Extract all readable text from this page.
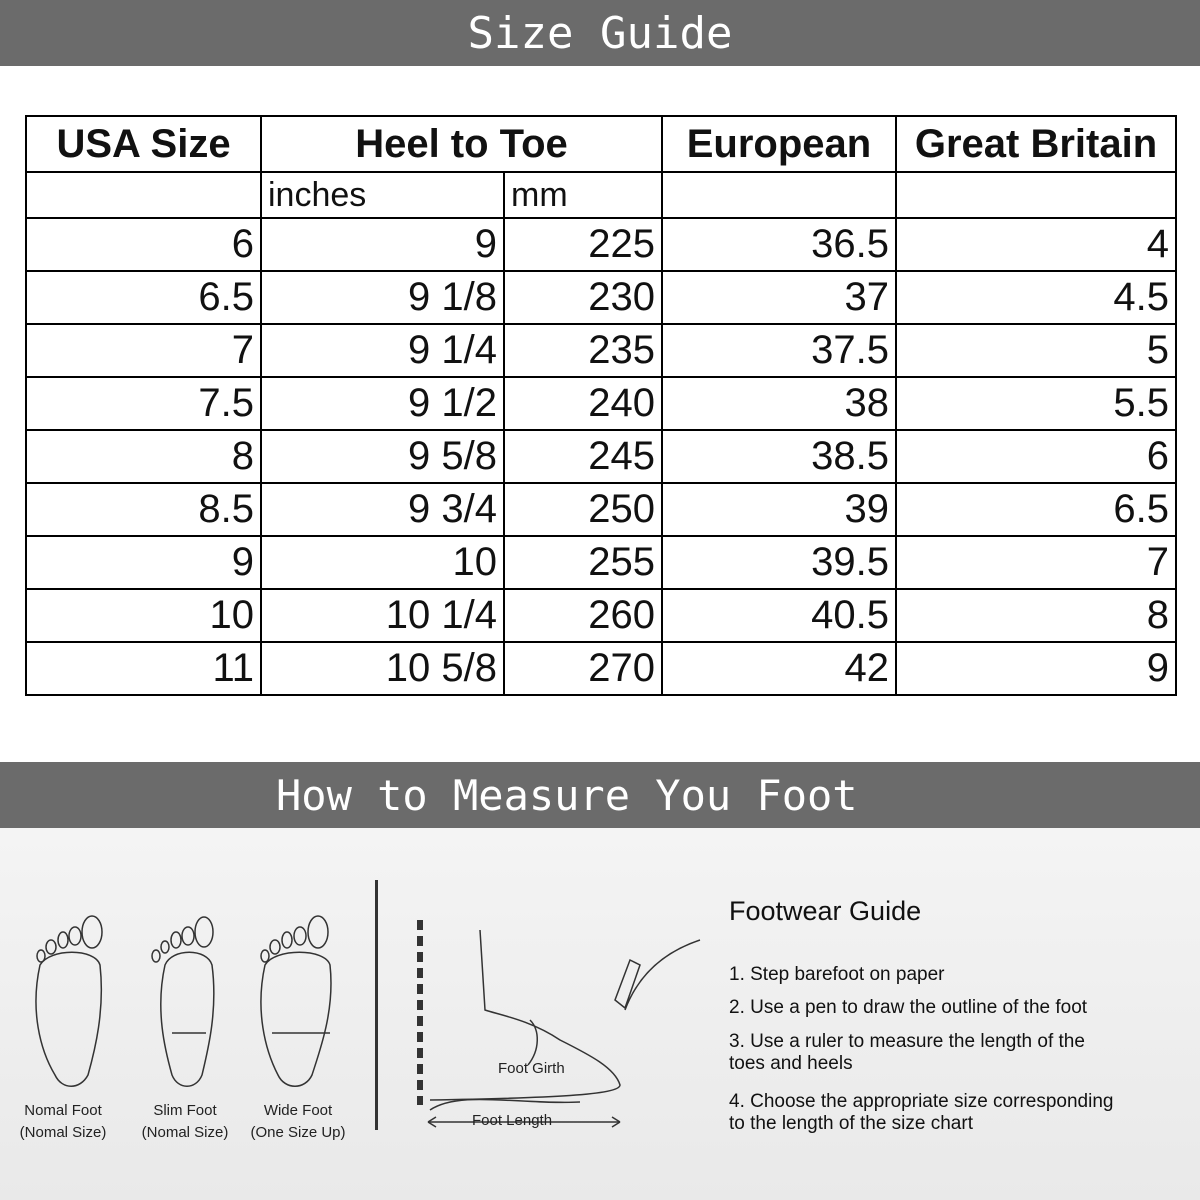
Size Guide
USA Size	Heel to Toe		European	Great Britain
	inches	mm		
6	9	225	36.5	4
6.5	9 1/8	230	37	4.5
7	9 1/4	235	37.5	5
7.5	9 1/2	240	38	5.5
8	9 5/8	245	38.5	6
8.5	9 3/4	250	39	6.5
9	10	255	39.5	7
10	10 1/4	260	40.5	8
11	10 5/8	270	42	9
How to Measure You Foot
Nomal Foot
(Nomal Size)
Slim Foot
(Nomal Size)
Wide Foot
(One Size Up)
Foot Girth
Foot Length
Footwear Guide
1. Step barefoot on paper
2. Use a pen to draw the outline of the foot
3. Use a ruler to measure the length of the
toes and heels
4. Choose the appropriate size corresponding
to the length of the size chart
